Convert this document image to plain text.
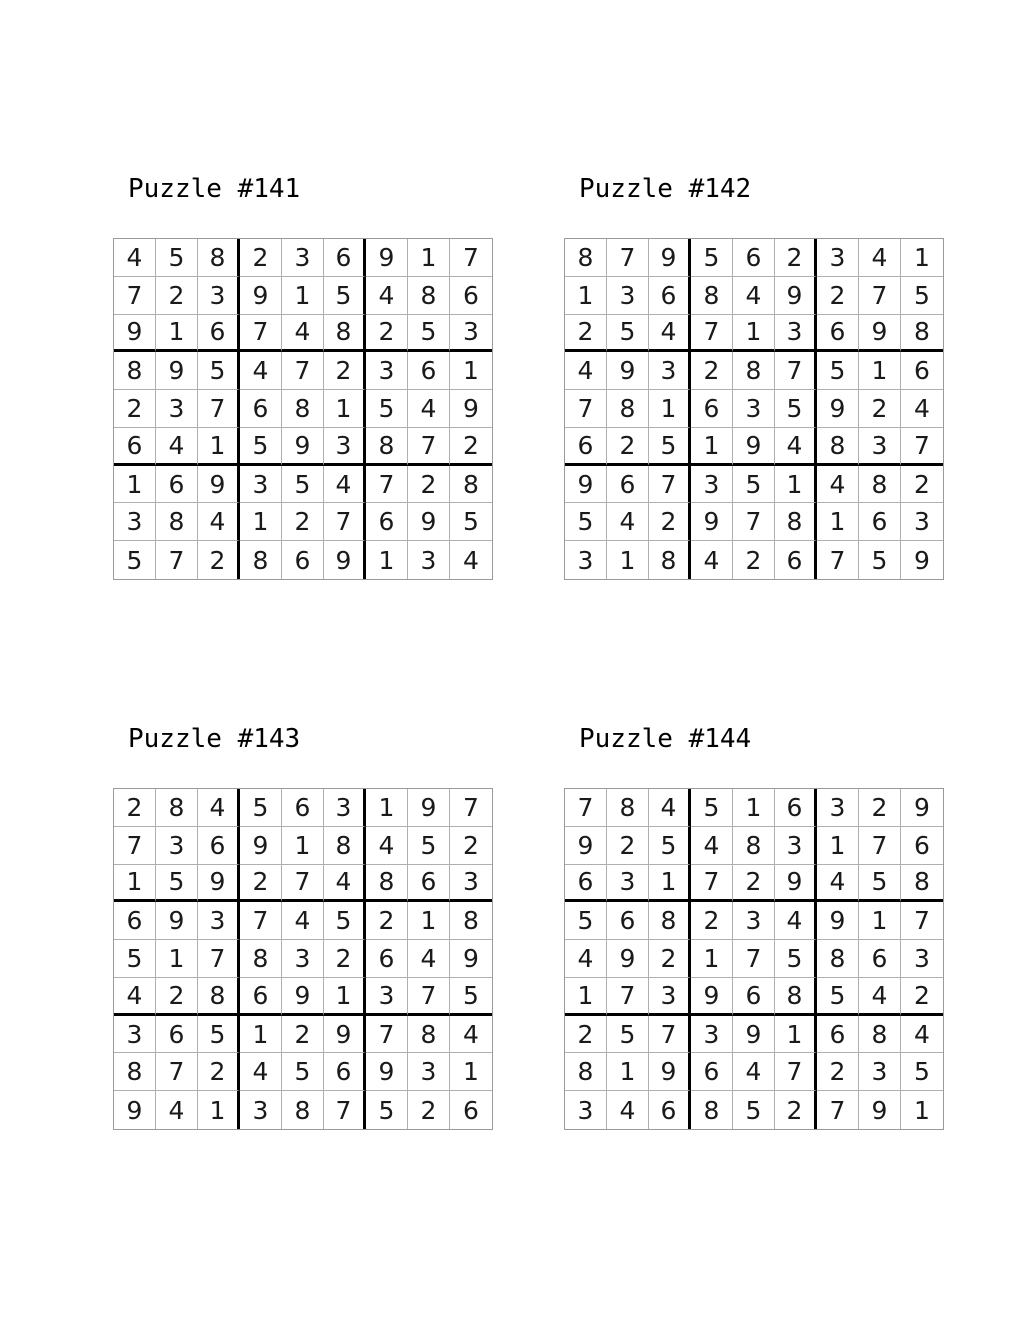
Puzzle #141
4	5	8	2	3	6	9	1	7
7	2	3	9	1	5	4	8	6
9	1	6	7	4	8	2	5	3
8	9	5	4	7	2	3	6	1
2	3	7	6	8	1	5	4	9
6	4	1	5	9	3	8	7	2
1	6	9	3	5	4	7	2	8
3	8	4	1	2	7	6	9	5
5	7	2	8	6	9	1	3	4
Puzzle #142
8	7	9	5	6	2	3	4	1
1	3	6	8	4	9	2	7	5
2	5	4	7	1	3	6	9	8
4	9	3	2	8	7	5	1	6
7	8	1	6	3	5	9	2	4
6	2	5	1	9	4	8	3	7
9	6	7	3	5	1	4	8	2
5	4	2	9	7	8	1	6	3
3	1	8	4	2	6	7	5	9
Puzzle #143
2	8	4	5	6	3	1	9	7
7	3	6	9	1	8	4	5	2
1	5	9	2	7	4	8	6	3
6	9	3	7	4	5	2	1	8
5	1	7	8	3	2	6	4	9
4	2	8	6	9	1	3	7	5
3	6	5	1	2	9	7	8	4
8	7	2	4	5	6	9	3	1
9	4	1	3	8	7	5	2	6
Puzzle #144
7	8	4	5	1	6	3	2	9
9	2	5	4	8	3	1	7	6
6	3	1	7	2	9	4	5	8
5	6	8	2	3	4	9	1	7
4	9	2	1	7	5	8	6	3
1	7	3	9	6	8	5	4	2
2	5	7	3	9	1	6	8	4
8	1	9	6	4	7	2	3	5
3	4	6	8	5	2	7	9	1
